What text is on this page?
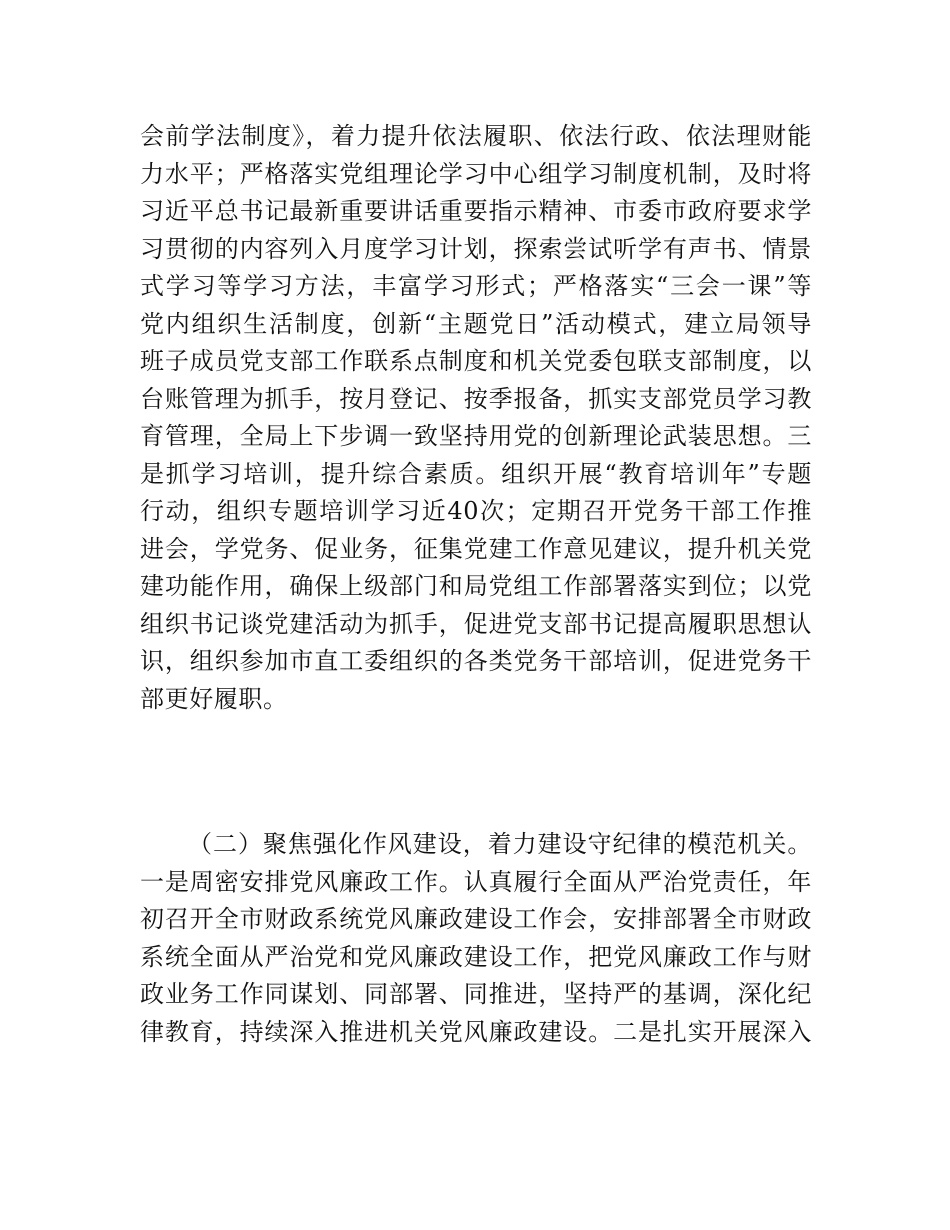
会前学法制度》，着力提升依法履职、依法行政、依法理财能
力水平；严格落实党组理论学习中心组学习制度机制，及时将
习近平总书记最新重要讲话重要指示精神、市委市政府要求学
习贯彻的内容列入月度学习计划，探索尝试听学有声书、情景
式学习等学习方法，丰富学习形式；严格落实“三会一课”等
党内组织生活制度，创新“主题党日”活动模式，建立局领导
班子成员党支部工作联系点制度和机关党委包联支部制度，以
台账管理为抓手，按月登记、按季报备，抓实支部党员学习教
育管理，全局上下步调一致坚持用党的创新理论武装思想。三
是抓学习培训，提升综合素质。组织开展“教育培训年”专题
行动，组织专题培训学习近40次；定期召开党务干部工作推
进会，学党务、促业务，征集党建工作意见建议，提升机关党
建功能作用，确保上级部门和局党组工作部署落实到位；以党
组织书记谈党建活动为抓手，促进党支部书记提高履职思想认
识，组织参加市直工委组织的各类党务干部培训，促进党务干
部更好履职。
（二）聚焦强化作风建设，着力建设守纪律的模范机关。
一是周密安排党风廉政工作。认真履行全面从严治党责任，年
初召开全市财政系统党风廉政建设工作会，安排部署全市财政
系统全面从严治党和党风廉政建设工作，把党风廉政工作与财
政业务工作同谋划、同部署、同推进，坚持严的基调，深化纪
律教育，持续深入推进机关党风廉政建设。二是扎实开展深入
